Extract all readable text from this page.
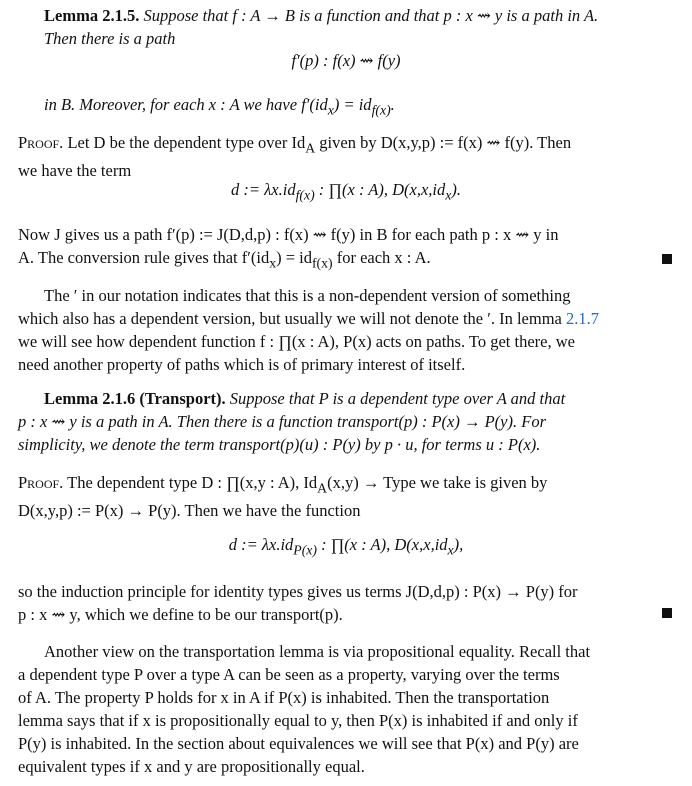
Lemma 2.1.5. Suppose that f : A → B is a function and that p : x ⇝ y is a path in A.

Then there is a path

f′(p) : f(x) ⇝ f(y)

in B. Moreover, for each x : A we have $f'(id_x) = id_{f(x)}$.

Proof. Let D be the dependent type over $Id_A$ given by D(x,y,p) := f(x) ⇝ f(y). Then

we have the term

d := $\lambda x.id_{f(x)}$ : ∏(x : A), $D(x,x,id_x)$.

Now J gives us a path f′(p) := J(D,d,p) : f(x) ⇝ f(y) in B for each path p : x ⇝ y in

A. The conversion rule gives that $f'(id_x) = id_{f(x)}$ for each x : A.

The ′ in our notation indicates that this is a non-dependent version of something

which also has a dependent version, but usually we will not denote the ′. In lemma 2.1.7

we will see how dependent function f : ∏(x : A), P(x) acts on paths. To get there, we

need another property of paths which is of primary interest of itself.

Lemma 2.1.6 (Transport). Suppose that P is a dependent type over A and that

p : x ⇝ y is a path in A. Then there is a function transport(p) : P(x) → P(y). For

simplicity, we denote the term transport(p)(u) : P(y) by p · u, for terms u : P(x).

Proof. The dependent type D : ∏(x,y : A), $Id_A(x,y)$ → Type we take is given by

D(x,y,p) := P(x) → P(y). Then we have the function

d := $\lambda x.id_{P(x)}$ : ∏(x : A), $D(x,x,id_x)$,

so the induction principle for identity types gives us terms J(D,d,p) : P(x) → P(y) for

p : x ⇝ y, which we define to be our transport(p).

Another view on the transportation lemma is via propositional equality. Recall that

a dependent type P over a type A can be seen as a property, varying over the terms

of A. The property P holds for x in A if P(x) is inhabited. Then the transportation

lemma says that if x is propositionally equal to y, then P(x) is inhabited if and only if

P(y) is inhabited. In the section about equivalences we will see that P(x) and P(y) are

equivalent types if x and y are propositionally equal.
